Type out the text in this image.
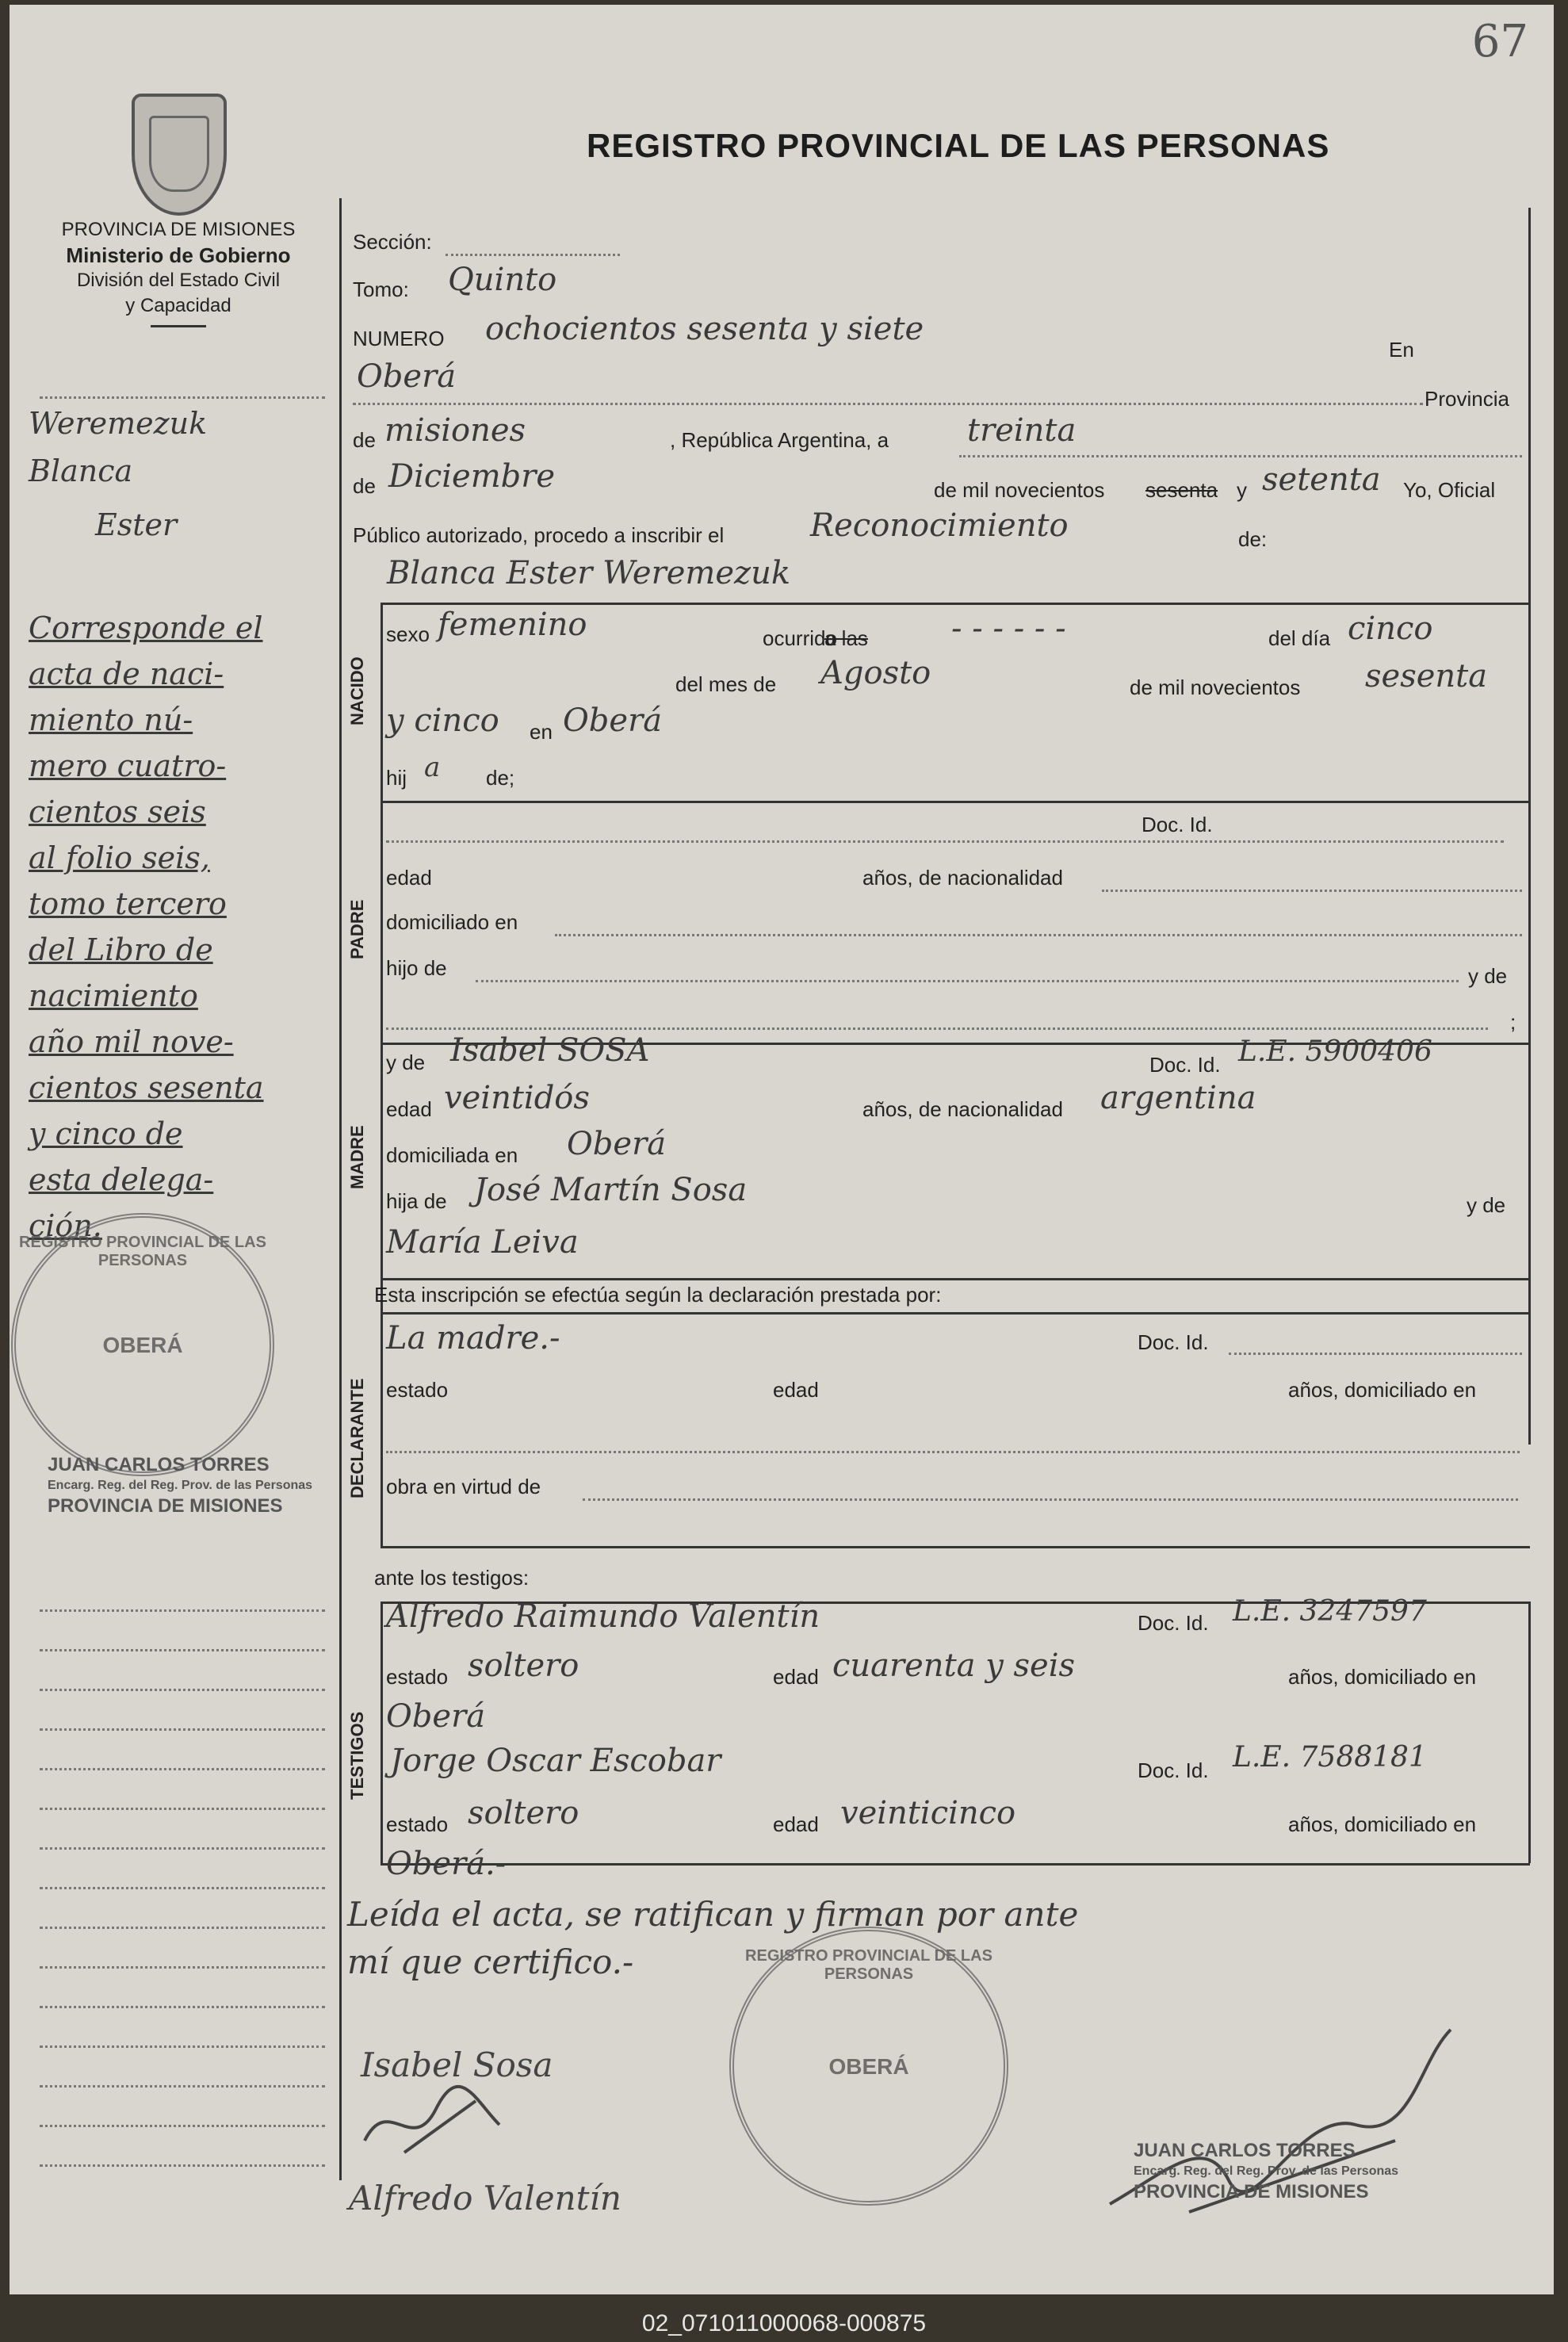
67
PROVINCIA DE MISIONES
Ministerio de Gobierno
División del Estado Civil
y Capacidad
REGISTRO PROVINCIAL DE LAS PERSONAS
Weremezuk
Blanca
Ester
Corresponde el
acta de naci-
miento nú-
mero cuatro-
cientos seis
al folio seis,
tomo tercero
del Libro de
nacimiento
año mil nove-
cientos sesenta
y cinco de
esta delega-
ción.
Sección:
Tomo: Quinto
NUMERO ochocientos sesenta y siete
En
Oberá
Provincia
de misiones	, República Argentina, a treinta
de Diciembre	de mil novecientos sesenta y setenta Yo, Oficial
Público autorizado, procedo a inscribir el	Reconocimiento	de:
Blanca Ester Weremezuk
NACIDO
sexo femenino	ocurrido
a las	- - - - - -	del día cinco
del mes de Agosto	de mil novecientos sesenta
y cinco en Oberá
hij a de;
PADRE
Doc. Id.
edad	años, de nacionalidad
domiciliado en
hijo de	y de
;
MADRE
y de Isabel SOSA	Doc. Id. L.E. 5900406
edad veintidós	años, de nacionalidad argentina
domiciliada en Oberá
hija de José Martín Sosa	y de
María Leiva
Esta inscripción se efectúa según la declaración prestada por:
DECLARANTE
La madre.-	Doc. Id.
estado	edad	años, domiciliado en
obra en virtud de
ante los testigos:
TESTIGOS
Alfredo Raimundo Valentín	Doc. Id. L.E. 3247597
estado soltero	edad cuarenta y seis	años, domiciliado en
Oberá
Jorge Oscar Escobar	Doc. Id. L.E. 7588181
estado soltero	edad veinticinco	años, domiciliado en
Oberá.-
Leída el acta, se ratifican y firman por ante
mí que certifico.-
Isabel Sosa
Alfredo Valentín
REGISTRO PROVINCIAL DE LAS PERSONAS
OBERÁ
JUAN CARLOS TORRES
Encarg. Reg. del Reg. Prov. de las Personas
PROVINCIA DE MISIONES
REGISTRO PROVINCIAL DE LAS PERSONAS
OBERÁ
JUAN CARLOS TORRES
Encarg. Reg. del Reg. Prov. de las Personas
PROVINCIA DE MISIONES
02_071011000068-000875
